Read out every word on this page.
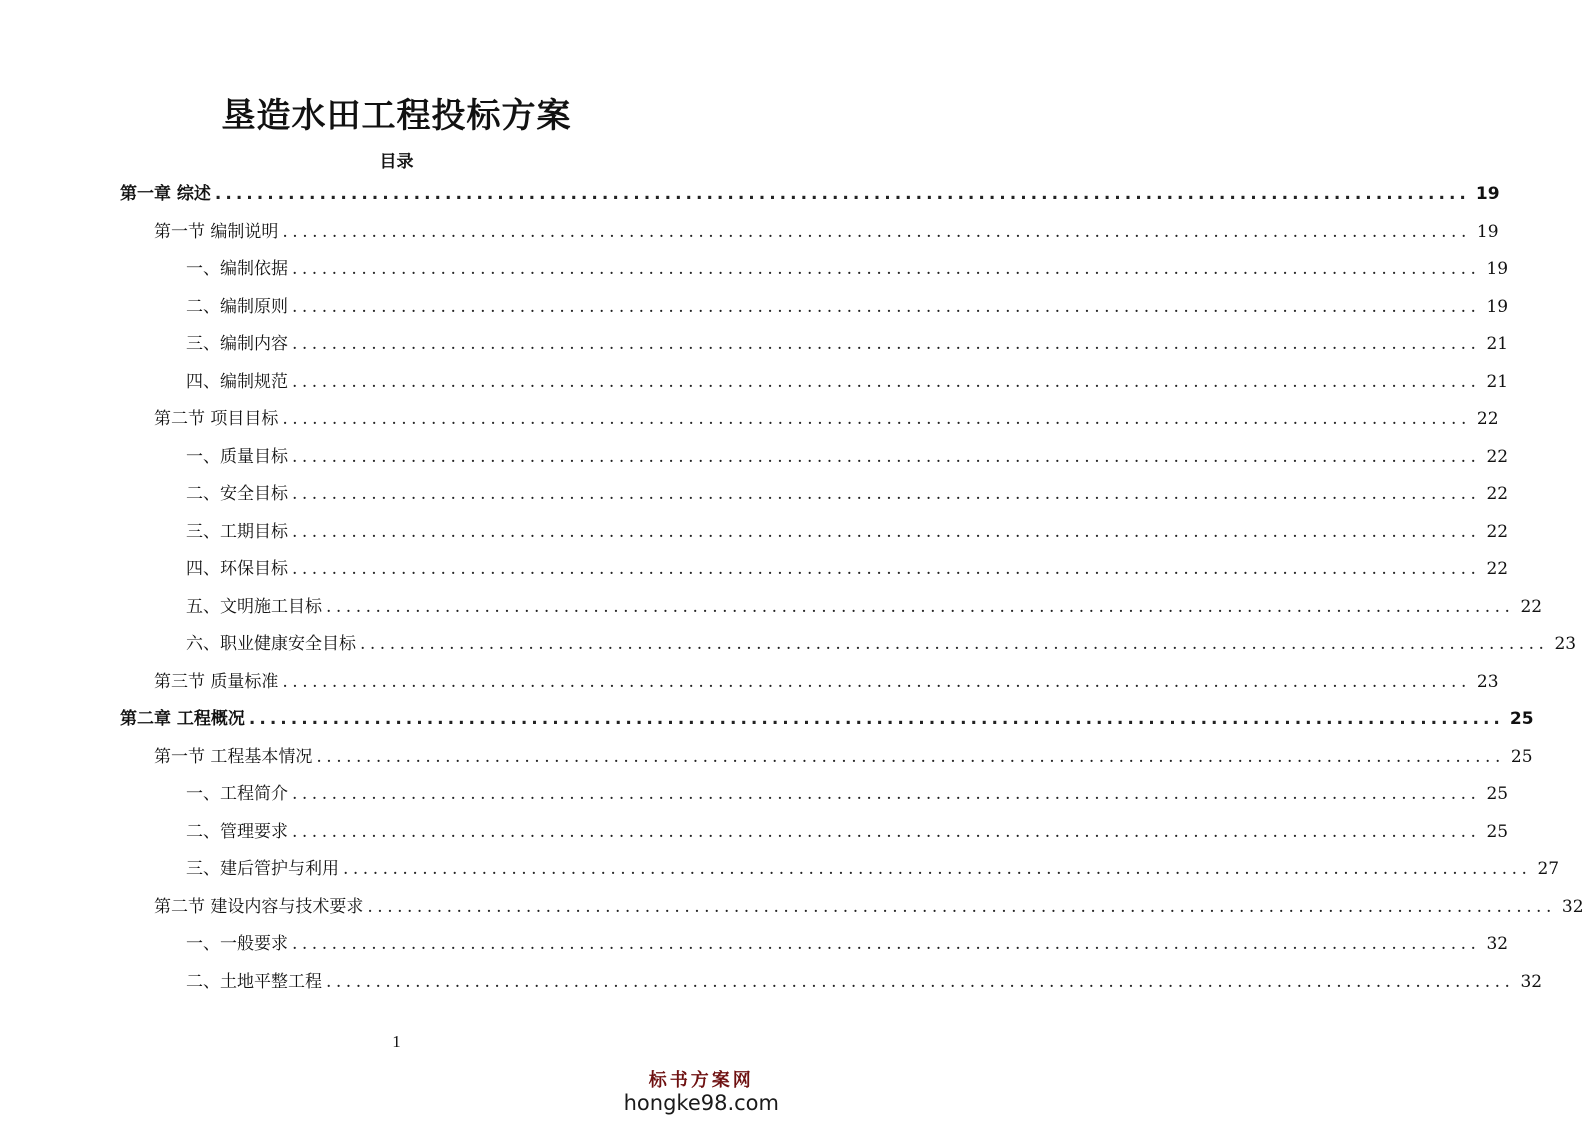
垦造水田工程投标方案
目录
第一章 综述 ........................................................................................................................ 19
第一节 编制说明 ........................................................................................................................ 19
一、编制依据 ........................................................................................................................ 19
二、编制原则 ........................................................................................................................ 19
三、编制内容 ........................................................................................................................ 21
四、编制规范 ........................................................................................................................ 21
第二节 项目目标 ........................................................................................................................ 22
一、质量目标 ........................................................................................................................ 22
二、安全目标 ........................................................................................................................ 22
三、工期目标 ........................................................................................................................ 22
四、环保目标 ........................................................................................................................ 22
五、文明施工目标 ........................................................................................................................ 22
六、职业健康安全目标 ........................................................................................................................ 23
第三节 质量标准 ........................................................................................................................ 23
第二章 工程概况 ........................................................................................................................ 25
第一节 工程基本情况 ........................................................................................................................ 25
一、工程简介 ........................................................................................................................ 25
二、管理要求 ........................................................................................................................ 25
三、建后管护与利用 ........................................................................................................................ 27
第二节 建设内容与技术要求 ........................................................................................................................ 32
一、一般要求 ........................................................................................................................ 32
二、土地平整工程 ........................................................................................................................ 32
1
标书方案网
hongke98.com
